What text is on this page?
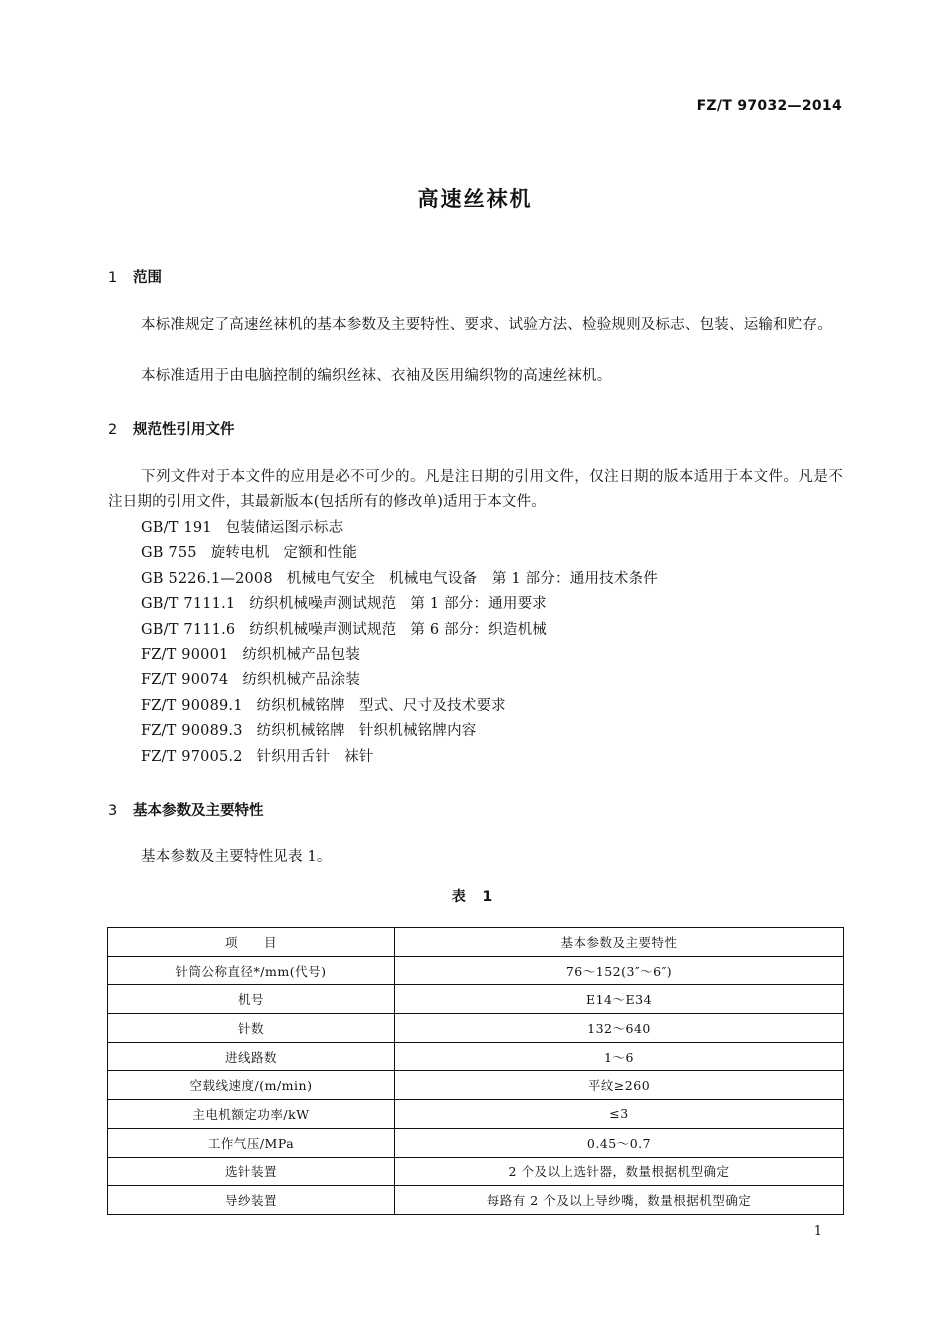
FZ/T 97032—2014
高速丝袜机
1 范围

本标准规定了高速丝袜机的基本参数及主要特性、要求、试验方法、检验规则及标志、包装、运输和贮存。

本标准适用于由电脑控制的编织丝袜、衣袖及医用编织物的高速丝袜机。

2 规范性引用文件

下列文件对于本文件的应用是必不可少的。凡是注日期的引用文件，仅注日期的版本适用于本文件。凡是不注日期的引用文件，其最新版本(包括所有的修改单)适用于本文件。

GB/T 191 包装储运图示标志
GB 755 旋转电机 定额和性能
GB 5226.1—2008 机械电气安全 机械电气设备　第 1 部分：通用技术条件
GB/T 7111.1 纺织机械噪声测试规范 第 1 部分：通用要求
GB/T 7111.6 纺织机械噪声测试规范 第 6 部分：织造机械
FZ/T 90001 纺织机械产品包装
FZ/T 90074 纺织机械产品涂装
FZ/T 90089.1 纺织机械铭牌 型式、尺寸及技术要求
FZ/T 90089.3 纺织机械铭牌 针织机械铭牌内容
FZ/T 97005.2 针织用舌针 袜针
3 基本参数及主要特性

基本参数及主要特性见表 1。

表 1
项　　目	基本参数及主要特性
针筒公称直径*/mm(代号)	76～152(3″～6″)
机号	E14～E34
针数	132～640
进线路数	1～6
空载线速度/(m/min)	平纹≥260
主电机额定功率/kW	≤3
工作气压/MPa	0.45～0.7
选针装置	2 个及以上选针器，数量根据机型确定
导纱装置	每路有 2 个及以上导纱嘴，数量根据机型确定
1
